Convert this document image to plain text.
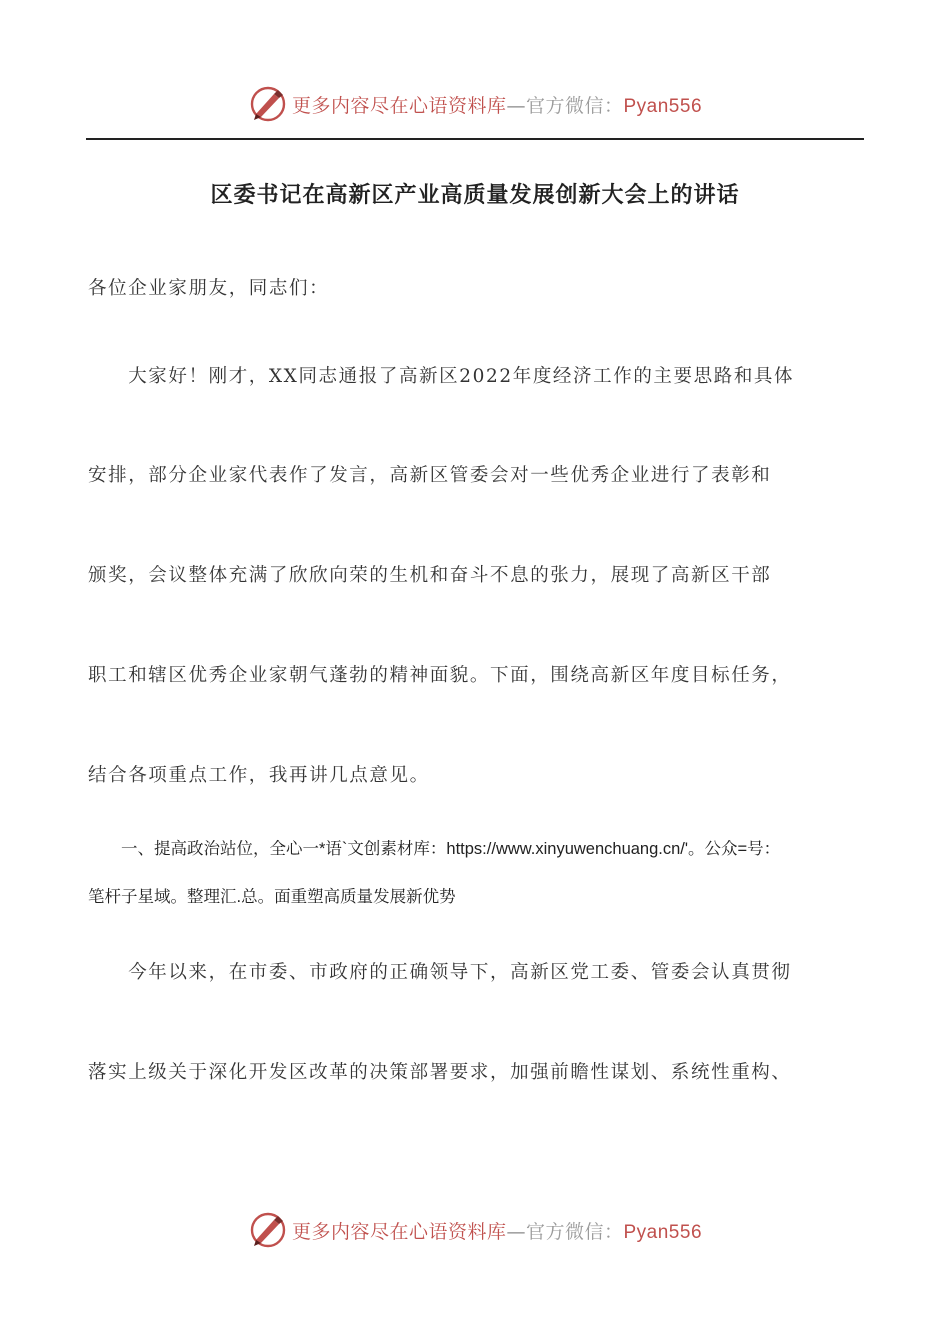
更多内容尽在心语资料库—官方微信：Pyan556
区委书记在高新区产业高质量发展创新大会上的讲话
各位企业家朋友，同志们：
　　大家好！刚才，XX同志通报了高新区2022年度经济工作的主要思路和具体
安排，部分企业家代表作了发言，高新区管委会对一些优秀企业进行了表彰和
颁奖，会议整体充满了欣欣向荣的生机和奋斗不息的张力，展现了高新区干部
职工和辖区优秀企业家朝气蓬勃的精神面貌。下面，围绕高新区年度目标任务，
结合各项重点工作，我再讲几点意见。
　　一、提高政治站位，全心一*语`文创素材库：https://www.xinyuwenchuang.cn/'。公众=号：
笔杆子星域。整理汇.总。面重塑高质量发展新优势
　　今年以来，在市委、市政府的正确领导下，高新区党工委、管委会认真贯彻
落实上级关于深化开发区改革的决策部署要求，加强前瞻性谋划、系统性重构、
更多内容尽在心语资料库—官方微信：Pyan556
